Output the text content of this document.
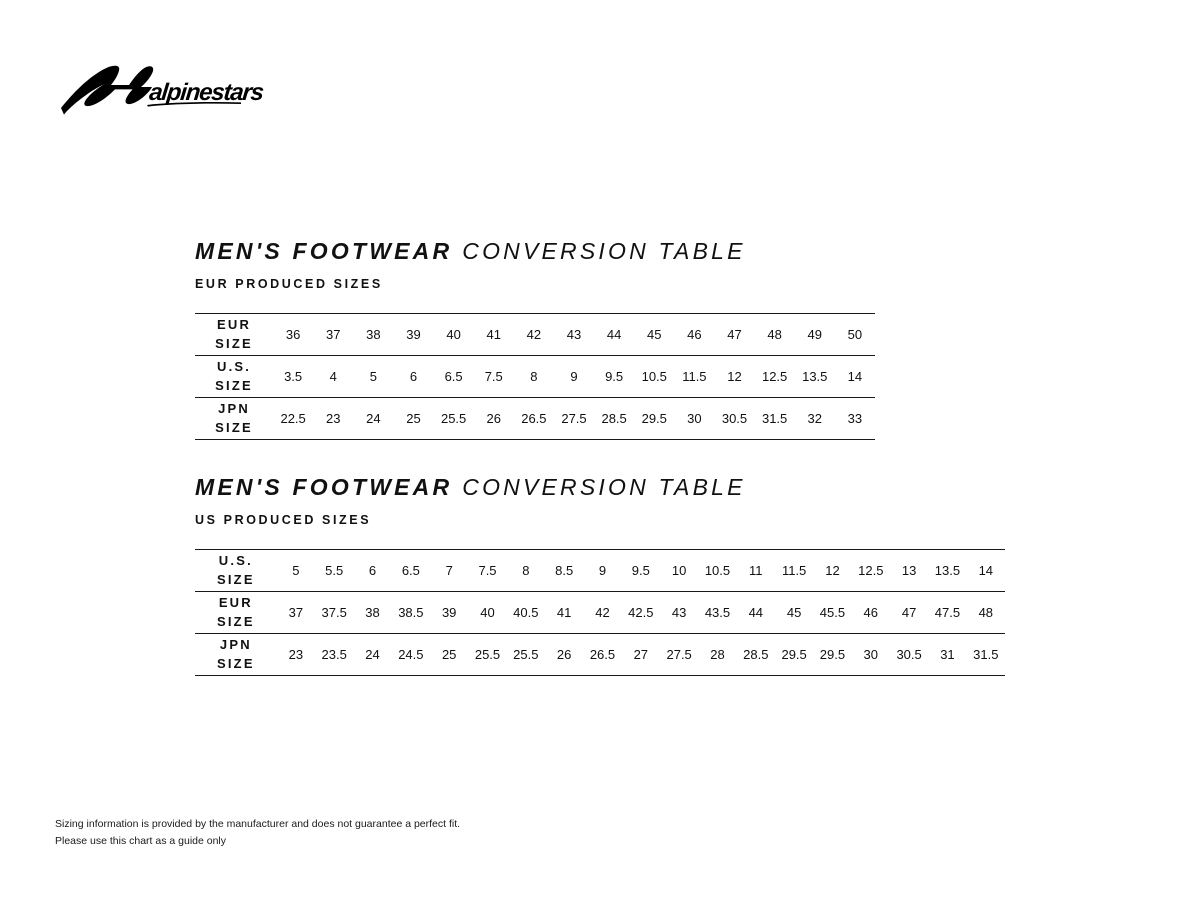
alpinestars
MEN'S FOOTWEAR CONVERSION TABLE
EUR PRODUCED SIZES
EUR
SIZE	36	37	38	39	40	41	42	43	44	45	46	47	48	49	50
U.S.
SIZE	3.5	4	5	6	6.5	7.5	8	9	9.5	10.5	11.5	12	12.5	13.5	14
JPN
SIZE	22.5	23	24	25	25.5	26	26.5	27.5	28.5	29.5	30	30.5	31.5	32	33
MEN'S FOOTWEAR CONVERSION TABLE
US PRODUCED SIZES
U.S.
SIZE	5	5.5	6	6.5	7	7.5	8	8.5	9	9.5	10	10.5	11	11.5	12	12.5	13	13.5	14
EUR
SIZE	37	37.5	38	38.5	39	40	40.5	41	42	42.5	43	43.5	44	45	45.5	46	47	47.5	48
JPN
SIZE	23	23.5	24	24.5	25	25.5	25.5	26	26.5	27	27.5	28	28.5	29.5	29.5	30	30.5	31	31.5
Sizing information is provided by the manufacturer and does not guarantee a perfect fit.
Please use this chart as a guide only
